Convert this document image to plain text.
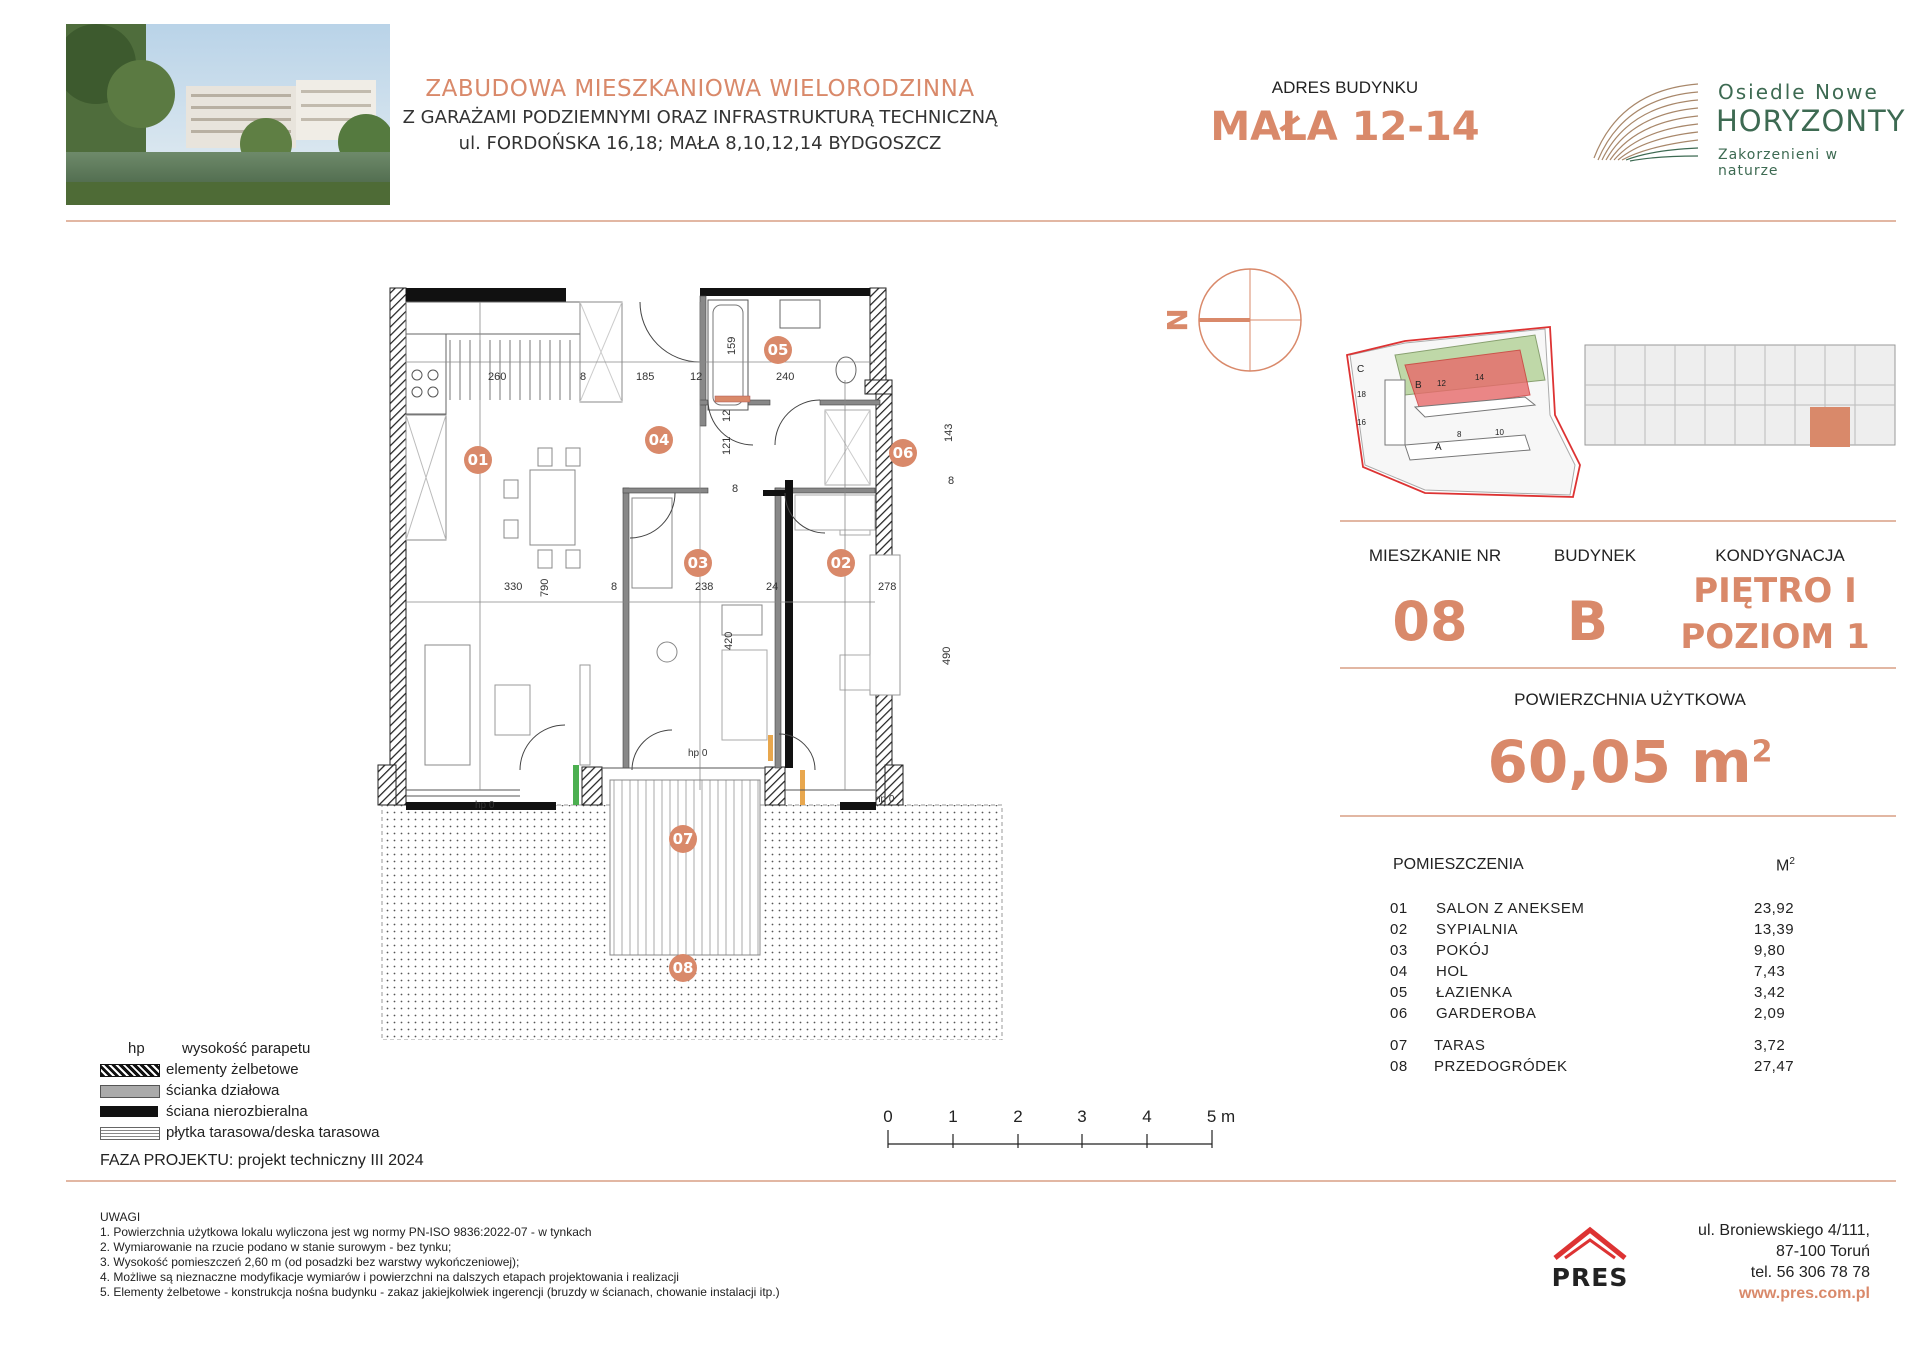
ZABUDOWA MIESZKANIOWA WIELORODZINNA
Z GARAŻAMI PODZIEMNYMI ORAZ INFRASTRUKTURĄ TECHNICZNĄ
ul. FORDOŃSKA 16,18; MAŁA 8,10,12,14 BYDGOSZCZ
ADRES BUDYNKU
MAŁA 12-14
Osiedle Nowe
HORYZONTY
Zakorzenieni w naturze
260	8	185	12	240
159
121
12
143
8
8
330 790	8	238	24	278
420
490
hp 0
hp 0
hp 0
01
02
03
04
05
06
07
08
N
C
B
A
18
16
12
14
8	10
MIESZKANIE NR	BUDYNEK	KONDYGNACJA
08	B	PIĘTRO I
POZIOM 1
POWIERZCHNIA UŻYTKOWA
60,05 $m^2$
POMIESZCZENIA	$M^2$
01 SALON Z ANEKSEM	23,92
02 SYPIALNIA	13,39
03 POKÓJ	9,80
04 HOL	7,43
05 ŁAZIENKA	3,42
06 GARDEROBA	2,09
07 TARAS	3,72
08 PRZEDOGRÓDEK	27,47
hp wysokość parapetu
elementy żelbetowe
ścianka działowa
ściana nierozbieralna
płytka tarasowa/deska tarasowa
0	1	2	3	4	5 m
FAZA PROJEKTU: projekt techniczny III 2024
UWAGI
1. Powierzchnia użytkowa lokalu wyliczona jest wg normy PN-ISO 9836:2022-07 - w tynkach
2. Wymiarowanie na rzucie podano w stanie surowym - bez tynku;
3. Wysokość pomieszczeń 2,60 m (od posadzki bez warstwy wykończeniowej);
4. Możliwe są nieznaczne modyfikacje wymiarów i powierzchni na dalszych etapach projektowania i realizacji
5. Elementy żelbetowe - konstrukcja nośna budynku - zakaz jakiejkolwiek ingerencji (bruzdy w ścianach, chowanie instalacji itp.)	PRES
ul. Broniewskiego 4/111,
87-100 Toruń
tel. 56 306 78 78
www.pres.com.pl
